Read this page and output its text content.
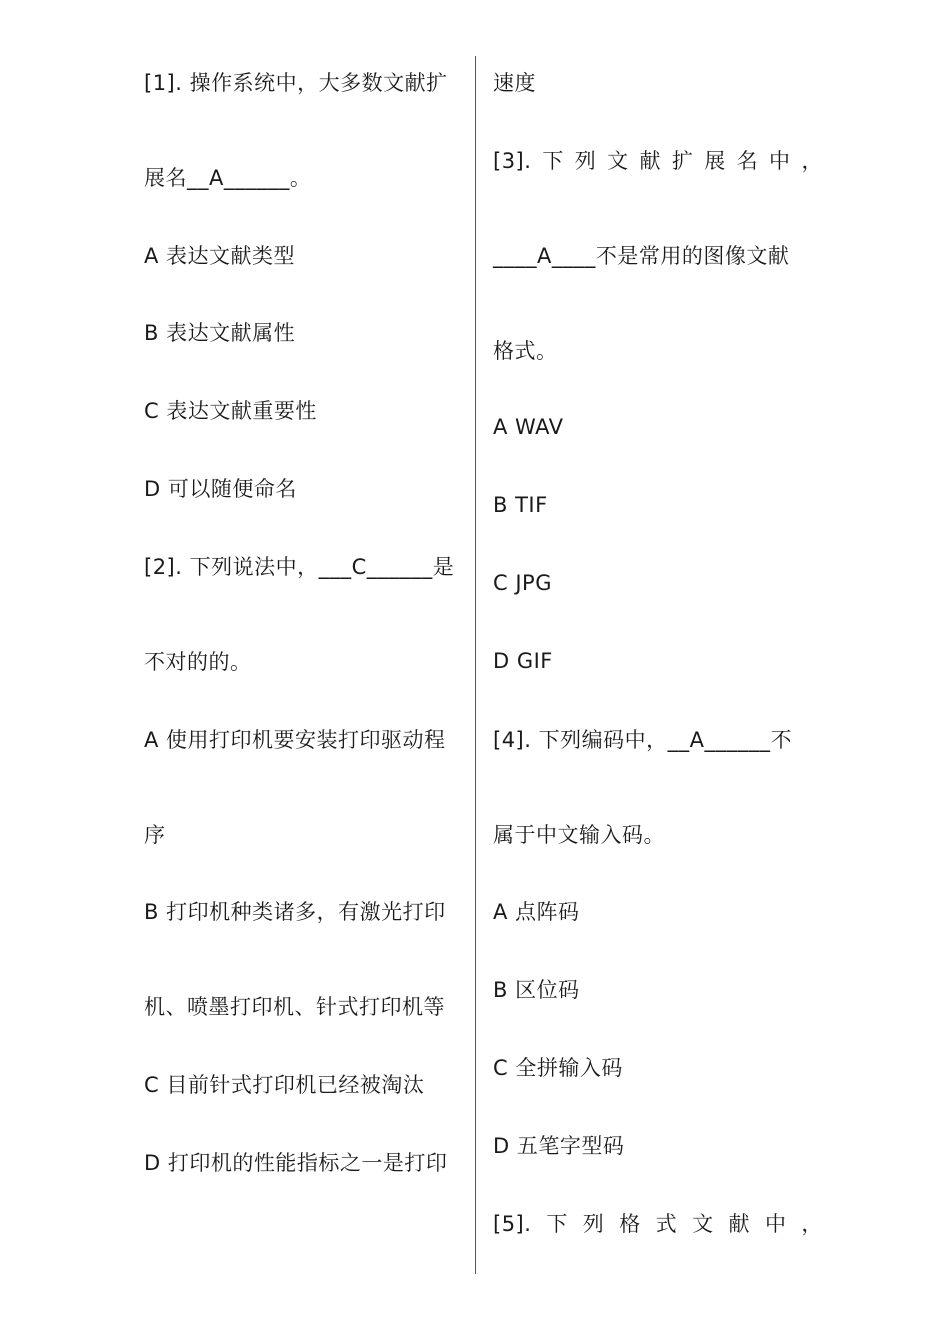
[1]. 操作系统中，大多数文献扩
展名__A______。
A 表达文献类型
B 表达文献属性
C 表达文献重要性
D 可以随便命名
[2]. 下列说法中，___C______是
不对的的。
A 使用打印机要安装打印驱动程
序
B 打印机种类诸多，有激光打印
机、喷墨打印机、针式打印机等
C 目前针式打印机已经被淘汰
D 打印机的性能指标之一是打印
速度
[3]. 下 列 文 献 扩 展 名 中 ，
____A____不是常用的图像文献
格式。
A WAV
B TIF
C JPG
D GIF
[4]. 下列编码中，__A______不
属于中文输入码。
A 点阵码
B 区位码
C 全拼输入码
D 五笔字型码
[5]. 下 列 格 式 文 献 中 ，
